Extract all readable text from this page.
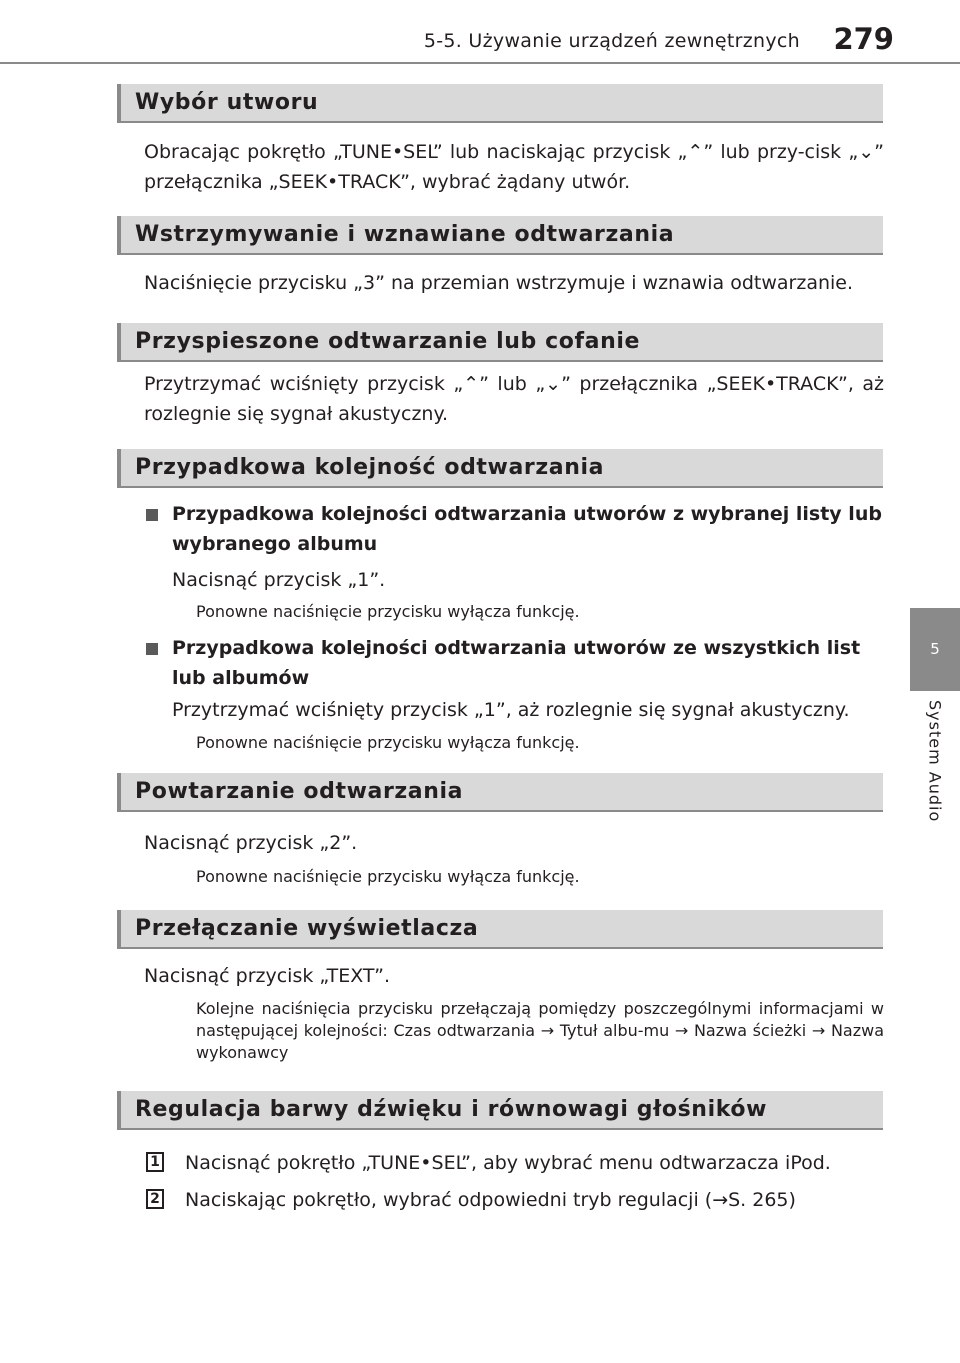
5-5. Używanie urządzeń zewnętrznych 279
5
System Audio
Wybór utworu
Obracając pokrętło „TUNE•SEL” lub naciskając przycisk „⌃” lub przy-cisk „⌄” przełącznika „SEEK•TRACK”, wybrać żądany utwór.
Wstrzymywanie i wznawiane odtwarzania
Naciśnięcie przycisku „3” na przemian wstrzymuje i wznawia odtwarzanie.
Przyspieszone odtwarzanie lub cofanie
Przytrzymać wciśnięty przycisk „⌃” lub „⌄” przełącznika „SEEK•TRACK”, aż rozlegnie się sygnał akustyczny.
Przypadkowa kolejność odtwarzania
Przypadkowa kolejności odtwarzania utworów z wybranej listy lub wybranego albumu
Nacisnąć przycisk „1”.
Ponowne naciśnięcie przycisku wyłącza funkcję.
Przypadkowa kolejności odtwarzania utworów ze wszystkich list lub albumów
Przytrzymać wciśnięty przycisk „1”, aż rozlegnie się sygnał akustyczny.
Ponowne naciśnięcie przycisku wyłącza funkcję.
Powtarzanie odtwarzania
Nacisnąć przycisk „2”.
Ponowne naciśnięcie przycisku wyłącza funkcję.
Przełączanie wyświetlacza
Nacisnąć przycisk „TEXT”.
Kolejne naciśnięcia przycisku przełączają pomiędzy poszczególnymi informacjami w następującej kolejności: Czas odtwarzania → Tytuł albu-mu → Nazwa ścieżki → Nazwa wykonawcy
Regulacja barwy dźwięku i równowagi głośników
1 Nacisnąć pokrętło „TUNE•SEL”, aby wybrać menu odtwarzacza iPod.
2 Naciskając pokrętło, wybrać odpowiedni tryb regulacji (→S. 265)
